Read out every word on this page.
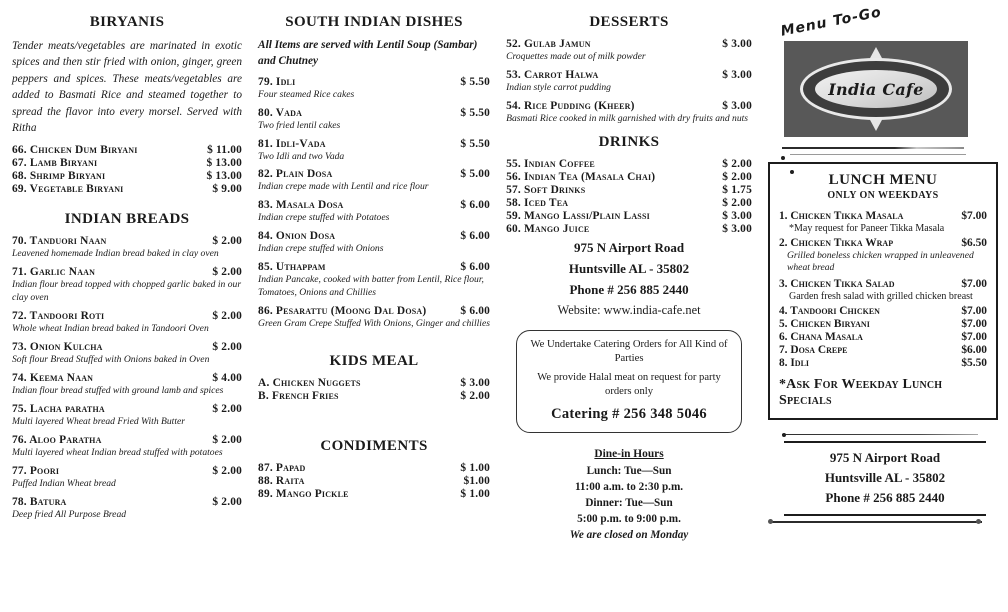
BIRYANIS
Tender meats/vegetables are marinated in exotic spices and then stir fried with onion, ginger, green peppers and spices. These meats/vegetables are added to Basmati Rice and steamed together to spread the flavor into every morsel. Served with Ritha
66. Chicken Dum Biryani	$ 11.00
67. Lamb Biryani	$ 13.00
68. Shrimp Biryani	$ 13.00
69. Vegetable Biryani	$ 9.00
INDIAN BREADS
70. Tanduori Naan	$ 2.00
Leavened homemade Indian bread baked in clay oven
71. Garlic Naan	$ 2.00
Indian flour bread topped with chopped garlic baked in our clay oven
72. Tandoori Roti	$ 2.00
Whole wheat Indian bread baked in Tandoori Oven
73. Onion Kulcha	$ 2.00
Soft flour Bread Stuffed with Onions baked in Oven
74. Keema Naan	$ 4.00
Indian flour bread stuffed with ground lamb and spices
75. Lacha paratha	$ 2.00
Multi layered Wheat bread Fried With Butter
76. Aloo Paratha	$ 2.00
Multi layered wheat Indian bread stuffed with potatoes
77. Poori	$ 2.00
Puffed Indian Wheat bread
78. Batura	$ 2.00
Deep fried All Purpose Bread
SOUTH INDIAN DISHES
All Items are served with Lentil Soup (Sambar) and Chutney
79. Idli	$ 5.50
Four steamed Rice cakes
80. Vada	$ 5.50
Two fried lentil cakes
81. Idli-Vada	$ 5.50
Two Idli and two Vada
82. Plain Dosa	$ 5.00
Indian crepe made with Lentil and rice flour
83. Masala Dosa	$ 6.00
Indian crepe stuffed with Potatoes
84. Onion Dosa	$ 6.00
Indian crepe stuffed with Onions
85. Uthappam	$ 6.00
Indian Pancake, cooked with batter from Lentil, Rice flour, Tomatoes, Onions and Chillies
86. Pesarattu (Moong Dal Dosa)	$ 6.00
Green Gram Crepe Stuffed With Onions, Ginger and chillies
KIDS MEAL
A. Chicken Nuggets	$ 3.00
B. French Fries	$ 2.00
CONDIMENTS
87. Papad	$ 1.00
88. Raita	$1.00
89. Mango Pickle	$ 1.00
DESSERTS
52. Gulab Jamun	$ 3.00
Croquettes made out of milk powder
53. Carrot Halwa	$ 3.00
Indian style carrot pudding
54. Rice Pudding (Kheer)	$ 3.00
Basmati Rice cooked in milk garnished with dry fruits and nuts
DRINKS
55. Indian Coffee	$ 2.00
56. Indian Tea (Masala Chai)	$ 2.00
57. Soft Drinks	$ 1.75
58. Iced Tea	$ 2.00
59. Mango Lassi/Plain Lassi	$ 3.00
60. Mango Juice	$ 3.00
975 N Airport Road
Huntsville AL - 35802
Phone # 256 885 2440
Website: www.india-cafe.net
We Undertake Catering Orders for All Kind of Parties
We provide Halal meat on request for party orders only
Catering # 256 348 5046
Dine-in Hours
Lunch: Tue—Sun
11:00 a.m. to 2:30 p.m.
Dinner: Tue—Sun
5:00 p.m. to 9:00 p.m.
We are closed on Monday
Menu To-Go
India Cafe
LUNCH MENU
ONLY ON WEEKDAYS
1. Chicken Tikka Masala	$7.00
*May request for Paneer Tikka Masala
2. Chicken Tikka Wrap	$6.50
Grilled boneless chicken wrapped in unleavened wheat bread
3. Chicken Tikka Salad	$7.00
Garden fresh salad with grilled chicken breast
4. Tandoori Chicken	$7.00
5. Chicken Biryani	$7.00
6. Chana Masala	$7.00
7. Dosa Crepe	$6.00
8. Idli	$5.50
*Ask For Weekday Lunch Specials
975 N Airport Road
Huntsville AL - 35802
Phone # 256 885 2440
